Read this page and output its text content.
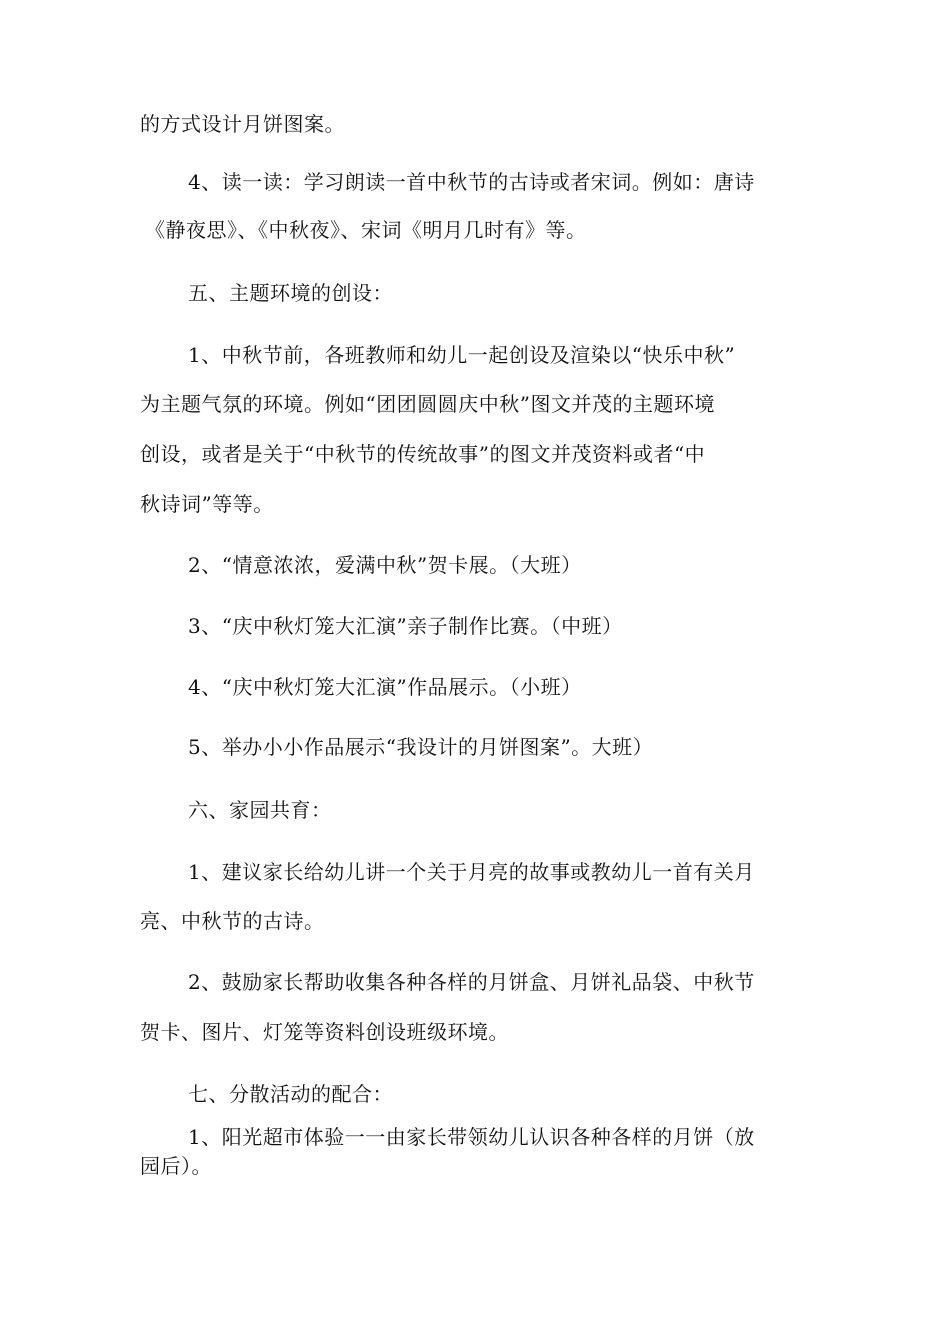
的方式设计月饼图案。
4、读一读：学习朗读一首中秋节的古诗或者宋词。例如：唐诗
《静夜思》、《中秋夜》、宋词《明月几时有》等。
五、主题环境的创设：
1、中秋节前，各班教师和幼儿一起创设及渲染以“快乐中秋”
为主题气氛的环境。例如“团团圆圆庆中秋”图文并茂的主题环境
创设，或者是关于“中秋节的传统故事”的图文并茂资料或者“中
秋诗词”等等。
2、“情意浓浓，爱满中秋”贺卡展。（大班）
3、“庆中秋灯笼大汇演”亲子制作比赛。（中班）
4、“庆中秋灯笼大汇演”作品展示。（小班）
5、举办小小作品展示“我设计的月饼图案”。大班）
六、家园共育：
1、建议家长给幼儿讲一个关于月亮的故事或教幼儿一首有关月
亮、中秋节的古诗。
2、鼓励家长帮助收集各种各样的月饼盒、月饼礼品袋、中秋节
贺卡、图片、灯笼等资料创设班级环境。
七、分散活动的配合：
1、阳光超市体验一一由家长带领幼儿认识各种各样的月饼（放
园后）。
